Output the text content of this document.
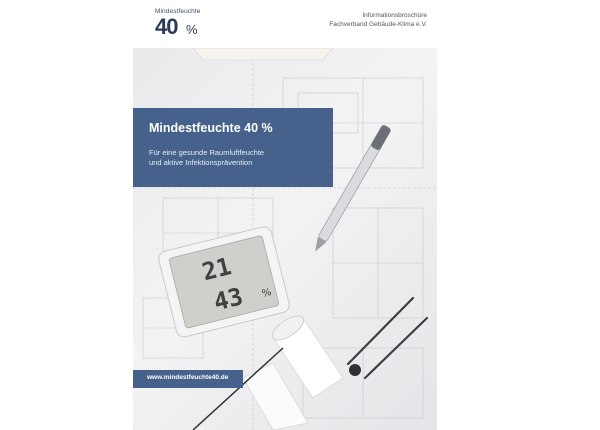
Mindestfeuchte
40 %
Informationsbroschüre
Fachverband Gebäude-Klima e.V.
21
43 %
Mindestfeuchte 40 %
Für eine gesunde Raumluftfeuchte
und aktive Infektionsprävention
www.mindestfeuchte40.de
